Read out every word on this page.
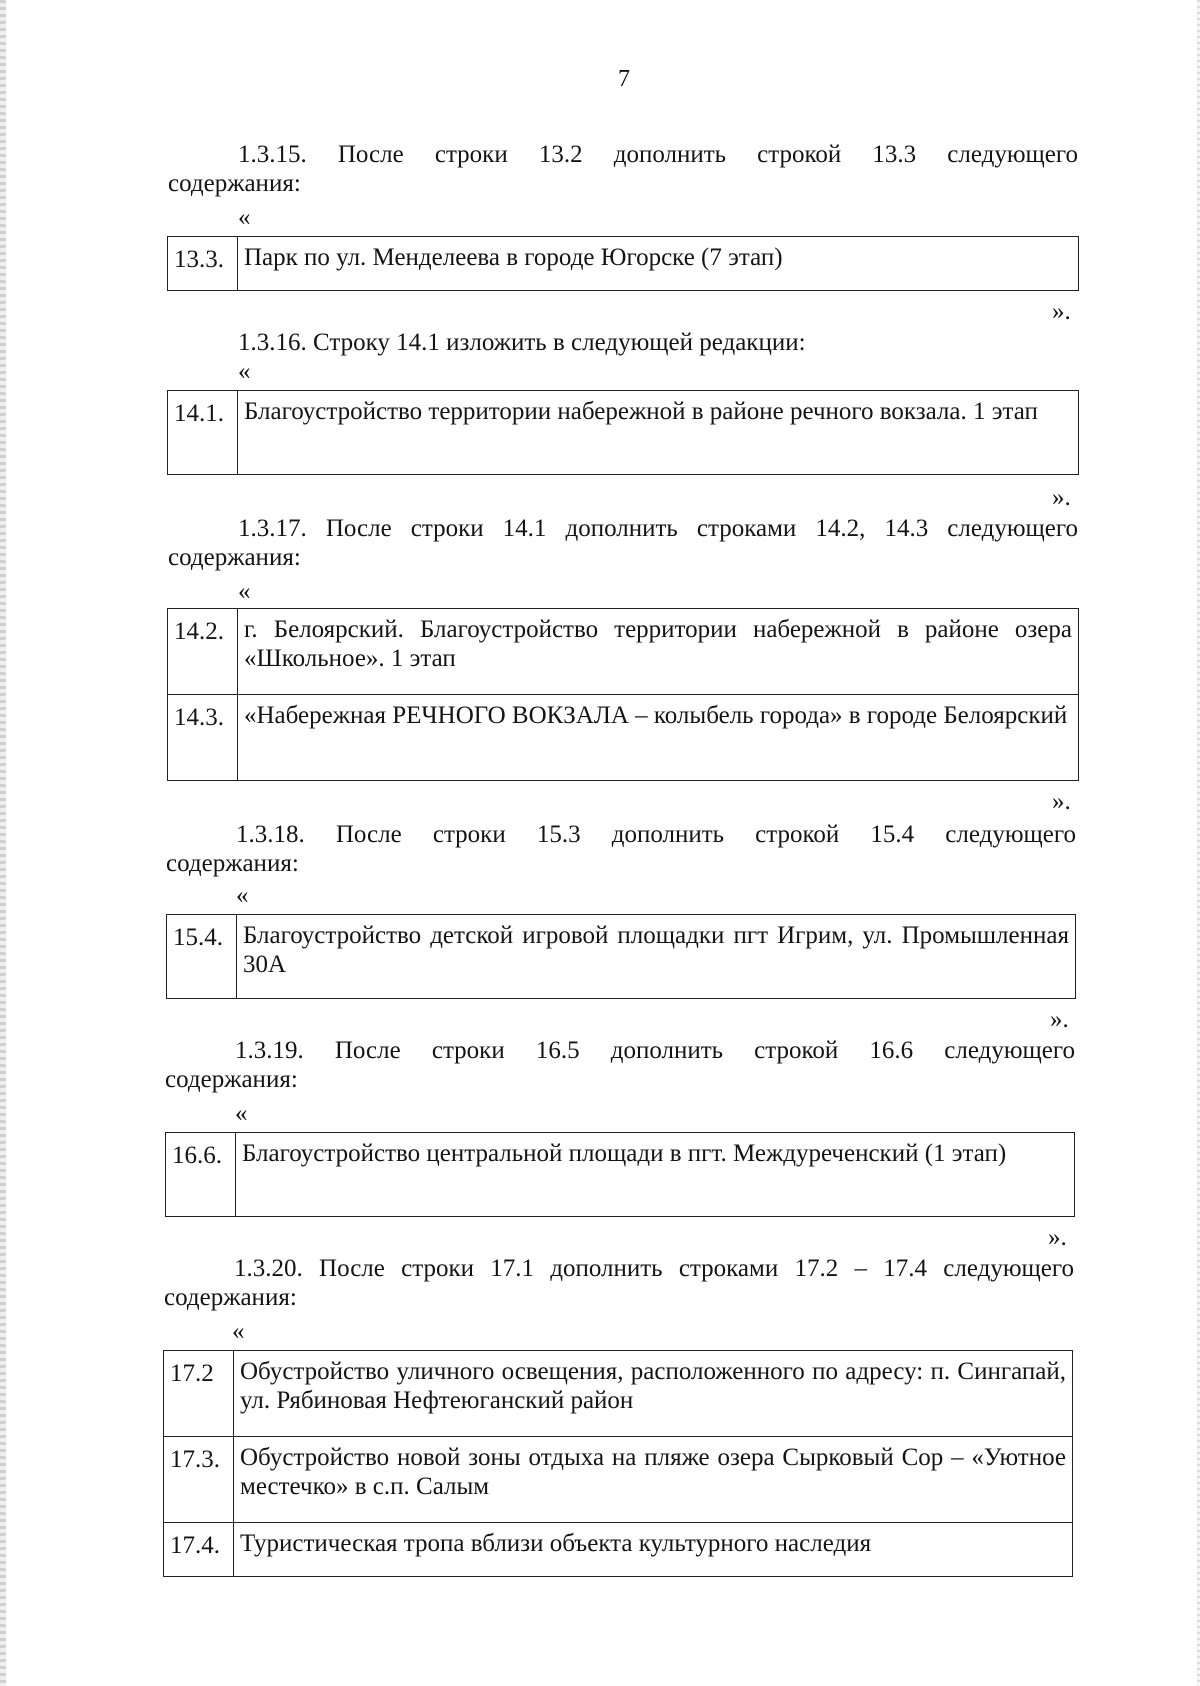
7
1.3.15. После строки 13.2 дополнить строкой 13.3 следующего
содержания:
«
13.3.	Парк по ул. Менделеева в городе Югорске (7 этап)
».
1.3.16. Строку 14.1 изложить в следующей редакции:
«
14.1.	Благоустройство территории набережной в районе речного вокзала. 1 этап
».
1.3.17. После строки 14.1 дополнить строками 14.2, 14.3 следующего
содержания:
«
14.2.	г. Белоярский. Благоустройство территории набережной в районе озера «Школьное». 1 этап
14.3.	«Набережная РЕЧНОГО ВОКЗАЛА – колыбель города» в городе Белоярский
».
1.3.18. После строки 15.3 дополнить строкой 15.4 следующего
содержания:
«
15.4.	Благоустройство детской игровой площадки пгт Игрим, ул. Промышленная 30А
».
1.3.19. После строки 16.5 дополнить строкой 16.6 следующего
содержания:
«
16.6.	Благоустройство центральной площади в пгт. Междуреченский (1 этап)
».
1.3.20. После строки 17.1 дополнить строками 17.2 – 17.4 следующего
содержания:
«
17.2	Обустройство уличного освещения, расположенного по адресу: п. Сингапай, ул. Рябиновая Нефтеюганский район
17.3.	Обустройство новой зоны отдыха на пляже озера Сырковый Сор – «Уютное местечко» в с.п. Салым
17.4.	Туристическая тропа вблизи объекта культурного наследия
